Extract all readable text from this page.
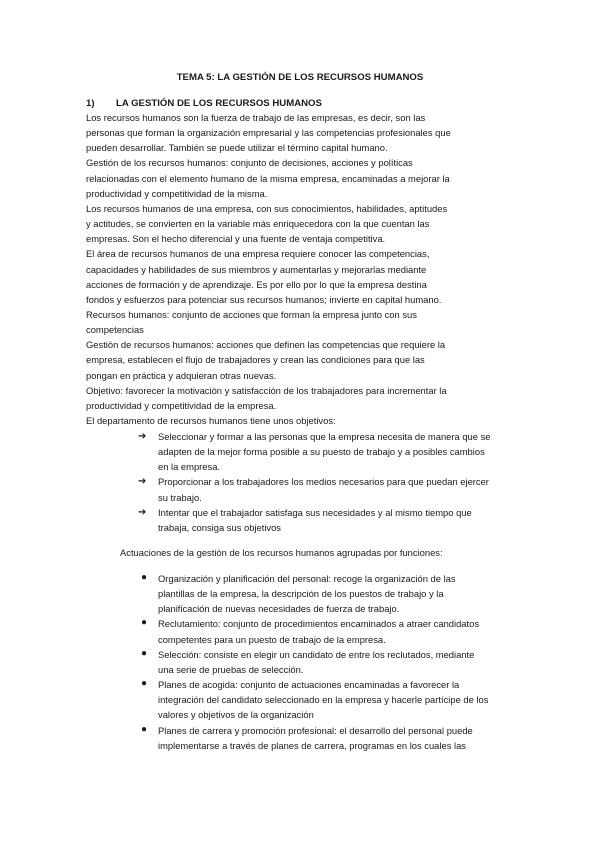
TEMA 5: LA GESTIÓN DE LOS RECURSOS HUMANOS
1) LA GESTIÓN DE LOS RECURSOS HUMANOS
Los recursos humanos son la fuerza de trabajo de las empresas, es decir, son las
personas que forman la organización empresarial y las competencias profesionales que
pueden desarrollar. También se puede utilizar el término capital humano.
Gestión de los recursos humanos: conjunto de decisiones, acciones y políticas
relacionadas con el elemento humano de la misma empresa, encaminadas a mejorar la
productividad y competitividad de la misma.
Los recursos humanos de una empresa, con sus conocimientos, habilidades, aptitudes
y actitudes, se convierten en la variable más enriquecedora con la que cuentan las
empresas. Son el hecho diferencial y una fuente de ventaja competitiva.
El área de recursos humanos de una empresa requiere conocer las competencias,
capacidades y habilidades de sus miembros y aumentarlas y mejorarlas mediante
acciones de formación y de aprendizaje. Es por ello por lo que la empresa destina
fondos y esfuerzos para potenciar sus recursos humanos; invierte en capital humano.
Recursos humanos: conjunto de acciones que forman la empresa junto con sus
competencias
Gestión de recursos humanos: acciones que definen las competencias que requiere la
empresa, establecen el flujo de trabajadores y crean las condiciones para que las
pongan en práctica y adquieran otras nuevas.
Objetivo: favorecer la motivación y satisfacción de los trabajadores para incrementar la
productividad y competitividad de la empresa.
El departamento de recursos humanos tiene unos objetivos:
➔ Seleccionar y formar a las personas que la empresa necesita de manera que se
adapten de la mejor forma posible a su puesto de trabajo y a posibles cambios
en la empresa.
➔ Proporcionar a los trabajadores los medios necesarios para que puedan ejercer
su trabajo.
➔ Intentar que el trabajador satisfaga sus necesidades y al mismo tiempo que
trabaja, consiga sus objetivos
Actuaciones de la gestión de los recursos humanos agrupadas por funciones:
● Organización y planificación del personal: recoge la organización de las
plantillas de la empresa, la descripción de los puestos de trabajo y la
planificación de nuevas necesidades de fuerza de trabajo.
● Reclutamiento: conjunto de procedimientos encaminados a atraer candidatos
competentes para un puesto de trabajo de la empresa.
● Selección: consiste en elegir un candidato de entre los reclutados, mediante
una serie de pruebas de selección.
● Planes de acogida: conjunto de actuaciones encaminadas a favorecer la
integración del candidato seleccionado en la empresa y hacerle partícipe de los
valores y objetivos de la organización
● Planes de carrera y promoción profesional: el desarrollo del personal puede
implementarse a través de planes de carrera, programas en los cuales las
